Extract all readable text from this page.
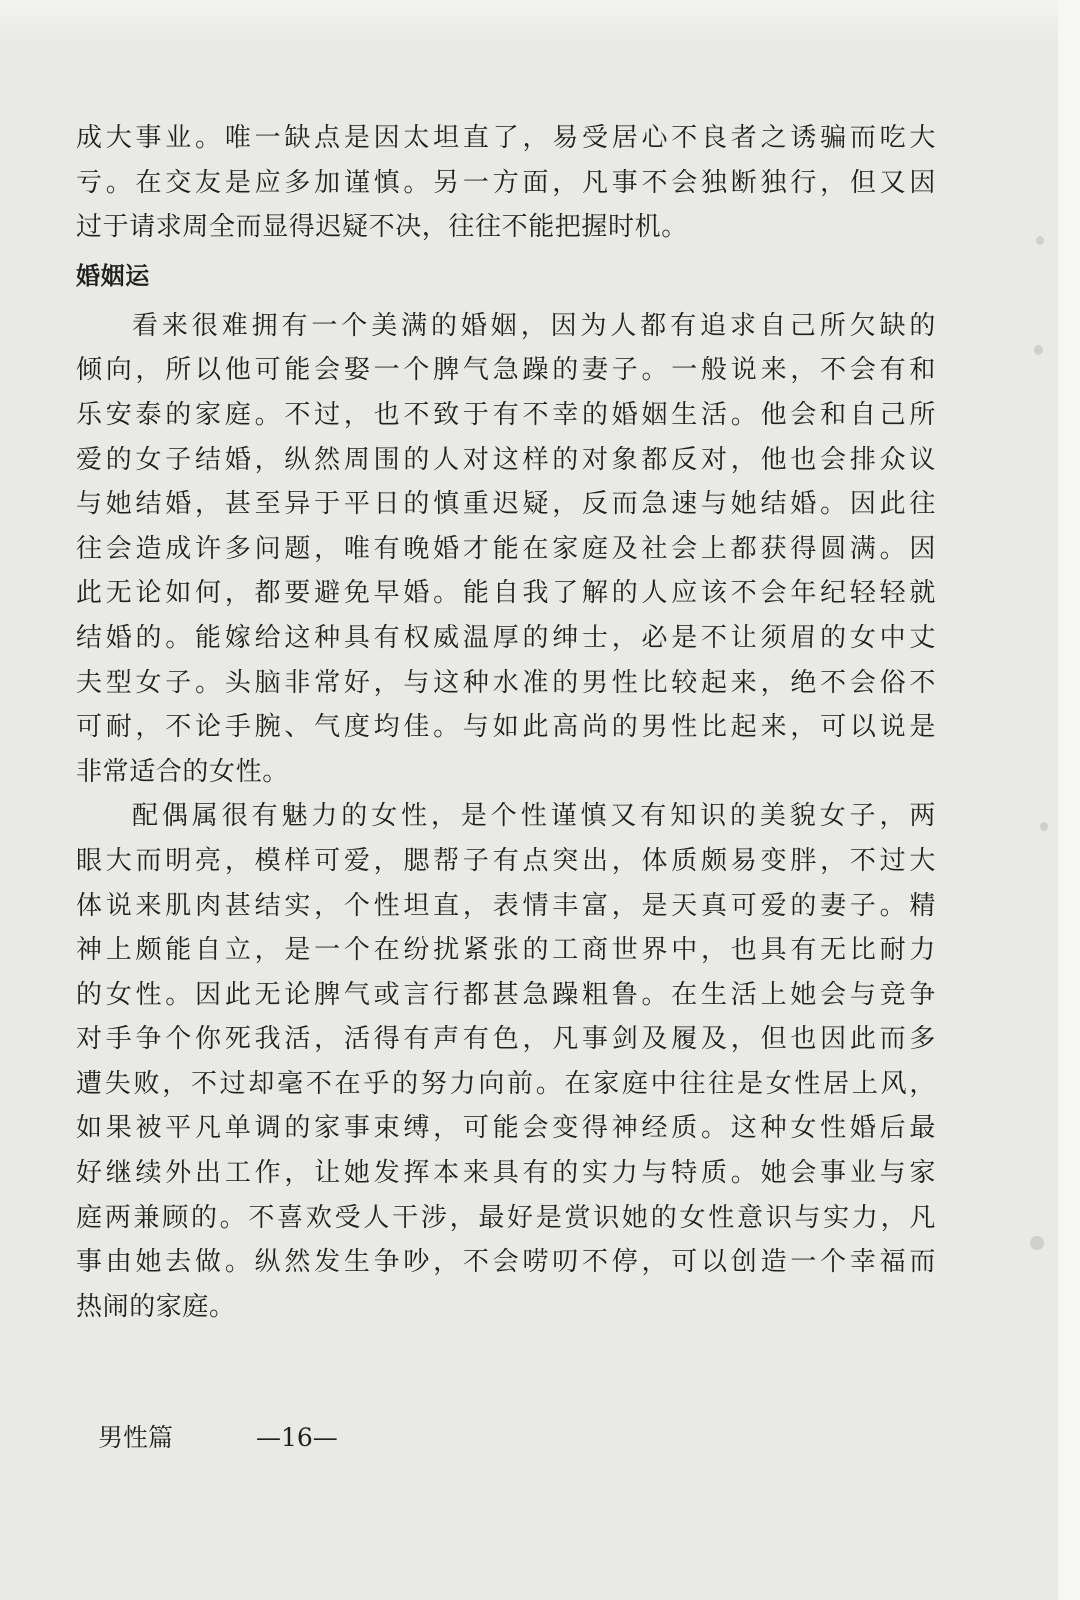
成大事业。唯一缺点是因太坦直了，易受居心不良者之诱骗而吃大
亏。在交友是应多加谨慎。另一方面，凡事不会独断独行，但又因
过于请求周全而显得迟疑不决，往往不能把握时机。
婚姻运
看来很难拥有一个美满的婚姻，因为人都有追求自己所欠缺的
倾向，所以他可能会娶一个脾气急躁的妻子。一般说来，不会有和
乐安泰的家庭。不过，也不致于有不幸的婚姻生活。他会和自己所
爱的女子结婚，纵然周围的人对这样的对象都反对，他也会排众议
与她结婚，甚至异于平日的慎重迟疑，反而急速与她结婚。因此往
往会造成许多问题，唯有晚婚才能在家庭及社会上都获得圆满。因
此无论如何，都要避免早婚。能自我了解的人应该不会年纪轻轻就
结婚的。能嫁给这种具有权威温厚的绅士，必是不让须眉的女中丈
夫型女子。头脑非常好，与这种水准的男性比较起来，绝不会俗不
可耐，不论手腕、气度均佳。与如此高尚的男性比起来，可以说是
非常适合的女性。
配偶属很有魅力的女性，是个性谨慎又有知识的美貌女子，两
眼大而明亮，模样可爱，腮帮子有点突出，体质颇易变胖，不过大
体说来肌肉甚结实，个性坦直，表情丰富，是天真可爱的妻子。精
神上颇能自立，是一个在纷扰紧张的工商世界中，也具有无比耐力
的女性。因此无论脾气或言行都甚急躁粗鲁。在生活上她会与竞争
对手争个你死我活，活得有声有色，凡事剑及履及，但也因此而多
遭失败，不过却毫不在乎的努力向前。在家庭中往往是女性居上风，
如果被平凡单调的家事束缚，可能会变得神经质。这种女性婚后最
好继续外出工作，让她发挥本来具有的实力与特质。她会事业与家
庭两兼顾的。不喜欢受人干涉，最好是赏识她的女性意识与实力，凡
事由她去做。纵然发生争吵，不会唠叨不停，可以创造一个幸福而
热闹的家庭。
男性篇	—16—
